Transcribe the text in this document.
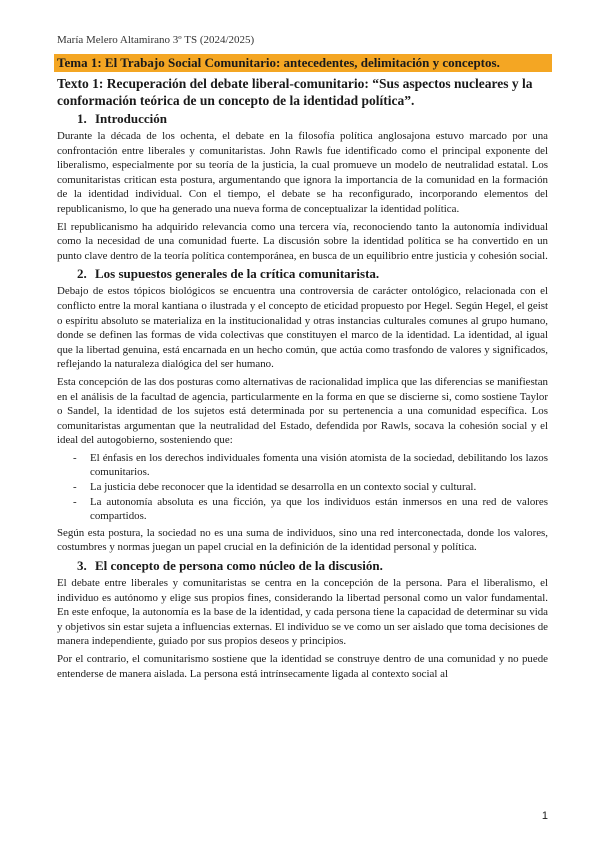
María Melero Altamirano 3º TS (2024/2025)
Tema 1: El Trabajo Social Comunitario: antecedentes, delimitación y conceptos.
Texto 1: Recuperación del debate liberal-comunitario: “Sus aspectos nucleares y la conformación teórica de un concepto de la identidad política”.
1. Introducción

Durante la década de los ochenta, el debate en la filosofía política anglosajona estuvo marcado por una confrontación entre liberales y comunitaristas. John Rawls fue identificado como el principal exponente del liberalismo, especialmente por su teoría de la justicia, la cual promueve un modelo de neutralidad estatal. Los comunitaristas critican esta postura, argumentando que ignora la importancia de la comunidad en la formación de la identidad individual. Con el tiempo, el debate se ha reconfigurado, incorporando elementos del republicanismo, lo que ha generado una nueva forma de conceptualizar la identidad política.

El republicanismo ha adquirido relevancia como una tercera vía, reconociendo tanto la autonomía individual como la necesidad de una comunidad fuerte. La discusión sobre la identidad política se ha convertido en un punto clave dentro de la teoría política contemporánea, en busca de un equilibrio entre justicia y cohesión social.

2. Los supuestos generales de la crítica comunitarista.

Debajo de estos tópicos biológicos se encuentra una controversia de carácter ontológico, relacionada con el conflicto entre la moral kantiana o ilustrada y el concepto de eticidad propuesto por Hegel. Según Hegel, el geist o espíritu absoluto se materializa en la institucionalidad y otras instancias culturales comunes al grupo humano, donde se definen las formas de vida colectivas que constituyen el marco de la identidad. La identidad, al igual que la libertad genuina, está encarnada en un hecho común, que actúa como trasfondo de valores y significados, reflejando la naturaleza dialógica del ser humano.

Esta concepción de las dos posturas como alternativas de racionalidad implica que las diferencias se manifiestan en el análisis de la facultad de agencia, particularmente en la forma en que se discierne si, como sostiene Taylor o Sandel, la identidad de los sujetos está determinada por su pertenencia a una comunidad específica. Los comunitaristas argumentan que la neutralidad del Estado, defendida por Rawls, socava la cohesión social y el ideal del autogobierno, sosteniendo que:

- El énfasis en los derechos individuales fomenta una visión atomista de la sociedad, debilitando los lazos comunitarios.
- La justicia debe reconocer que la identidad se desarrolla en un contexto social y cultural.
- La autonomía absoluta es una ficción, ya que los individuos están inmersos en una red de valores compartidos.

Según esta postura, la sociedad no es una suma de individuos, sino una red interconectada, donde los valores, costumbres y normas juegan un papel crucial en la definición de la identidad personal y política.

3. El concepto de persona como núcleo de la discusión.

El debate entre liberales y comunitaristas se centra en la concepción de la persona. Para el liberalismo, el individuo es autónomo y elige sus propios fines, considerando la libertad personal como un valor fundamental. En este enfoque, la autonomía es la base de la identidad, y cada persona tiene la capacidad de determinar su vida y objetivos sin estar sujeta a influencias externas. El individuo se ve como un ser aislado que toma decisiones de manera independiente, guiado por sus propios deseos y principios.

Por el contrario, el comunitarismo sostiene que la identidad se construye dentro de una comunidad y no puede entenderse de manera aislada. La persona está intrínsecamente ligada al contexto social al

1
